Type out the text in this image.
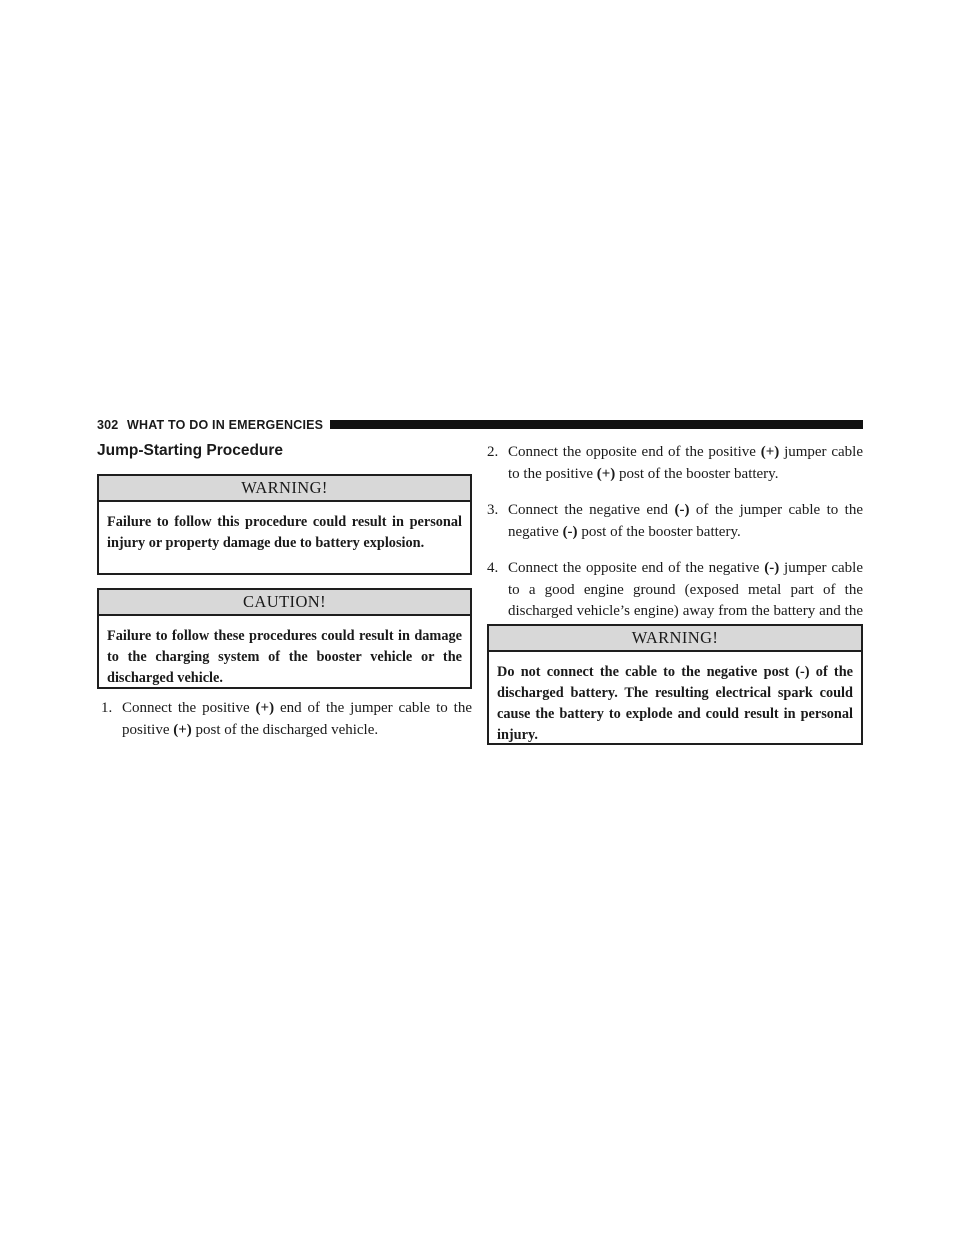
302 WHAT TO DO IN EMERGENCIES
Jump-Starting Procedure
WARNING!
Failure to follow this procedure could result in personal injury or property damage due to battery explosion.
CAUTION!
Failure to follow these procedures could result in damage to the charging system of the booster vehicle or the discharged vehicle.
1. Connect the positive (+) end of the jumper cable to the positive (+) post of the discharged vehicle.
2. Connect the opposite end of the positive (+) jumper cable to the positive (+) post of the booster battery.
3. Connect the negative end (-) of the jumper cable to the negative (-) post of the booster battery.
4. Connect the opposite end of the negative (-) jumper cable to a good engine ground (exposed metal part of the discharged vehicle’s engine) away from the battery and the
WARNING!
Do not connect the cable to the negative post (-) of the discharged battery. The resulting electrical spark could cause the battery to explode and could result in personal injury.
